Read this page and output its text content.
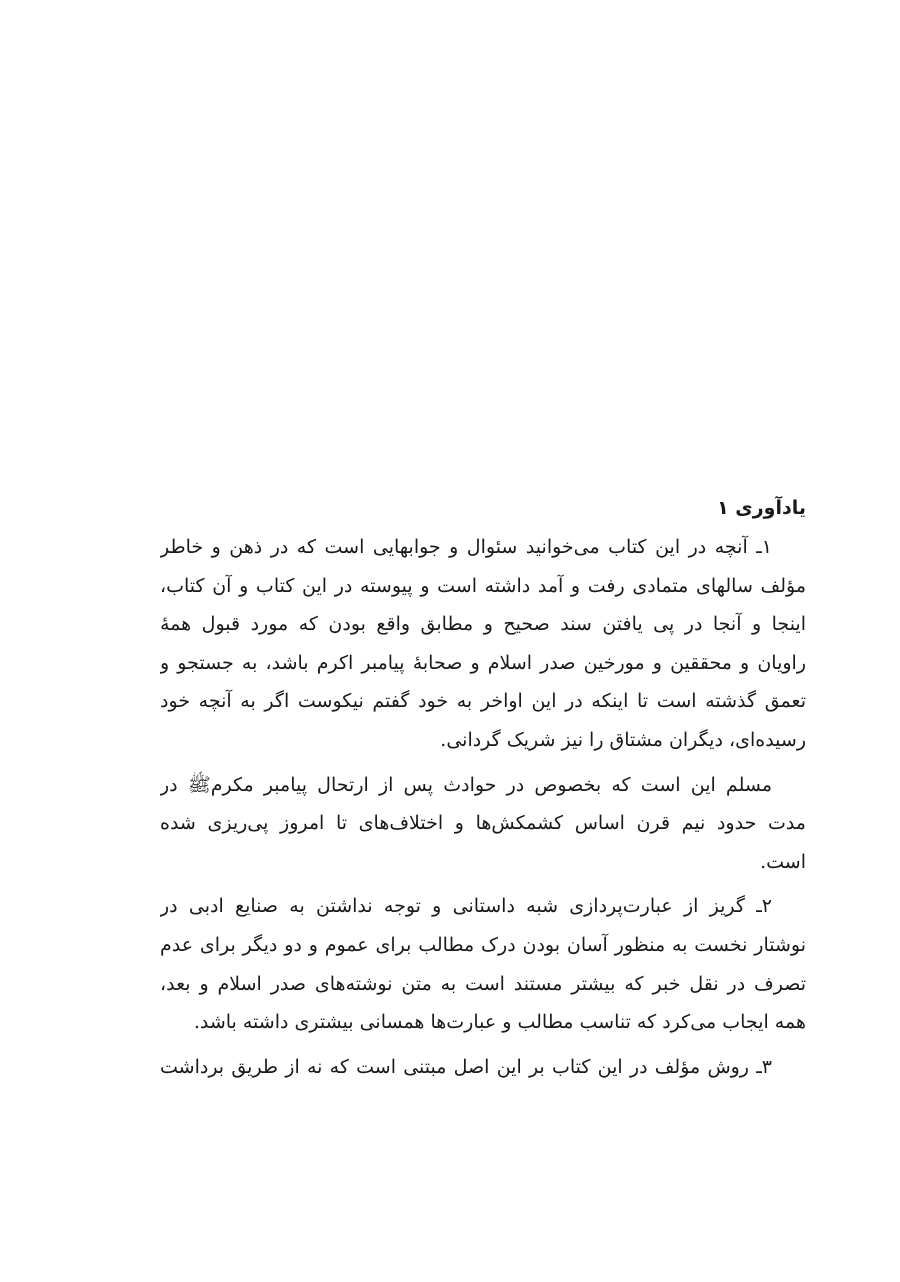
یادآوری ۱

۱ـ آنچه در این کتاب می‌خوانید سئوال و جوابهایی است که در ذهن و خاطر

مؤلف سالهای متمادی رفت و آمد داشته است و پیوسته در این کتاب و آن کتاب،

اینجا و آنجا در پی یافتن سند صحیح و مطابق واقع بودن که مورد قبول همهٔ

راویان و محققین و مورخین صدر اسلام و صحابهٔ پیامبر اکرم باشد، به جستجو و

تعمق گذشته است تا اینکه در این اواخر به خود گفتم نیکوست اگر به آنچه خود

رسیده‌ای، دیگران مشتاق را نیز شریک گردانی.

مسلم این است که بخصوص در حوادث پس از ارتحال پیامبر مکرمﷺ در

مدت حدود نیم قرن اساس کشمکش‌ها و اختلاف‌های تا امروز پی‌ریزی شده

است.

۲ـ گریز از عبارت‌پردازی شبه داستانی و توجه نداشتن به صنایع ادبی در

نوشتار نخست به منظور آسان بودن درک مطالب برای عموم و دو دیگر برای عدم

تصرف در نقل خبر که بیشتر مستند است به متن نوشته‌های صدر اسلام و بعد،

همه ایجاب می‌کرد که تناسب مطالب و عبارت‌ها همسانی بیشتری داشته باشد.

۳ـ روش مؤلف در این کتاب بر این اصل مبتنی است که نه از طریق برداشت
